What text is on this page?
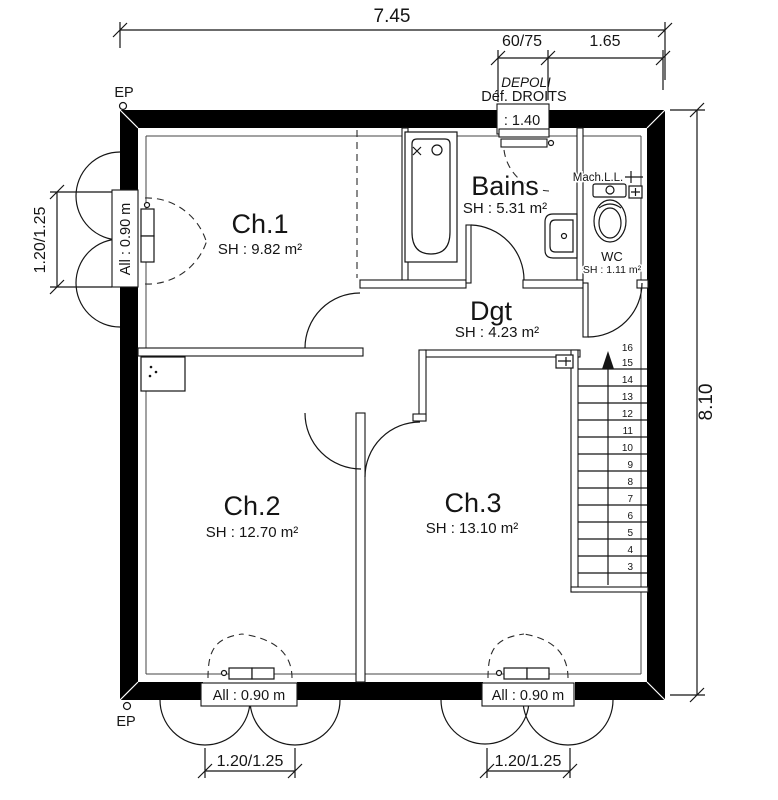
16
15
14
13
12
11
10
9
8
7
6
5
4
3
All : 0.90 m
: 1.40
All : 0.90 m	All : 0.90 m
7.45
60/75	1.65
DEPOLI
Déf. DROITS
8.10
1.20/1.25
1.20/1.25	1.20/1.25
EP
EP
Ch.1
SH : 9.82 m²
Bains
SH : 5.31 m²
WC
SH : 1.11 m²
Dgt
SH : 4.23 m²
Ch.2
SH : 12.70 m²
Ch.3
SH : 13.10 m²
Mach.L.L.
